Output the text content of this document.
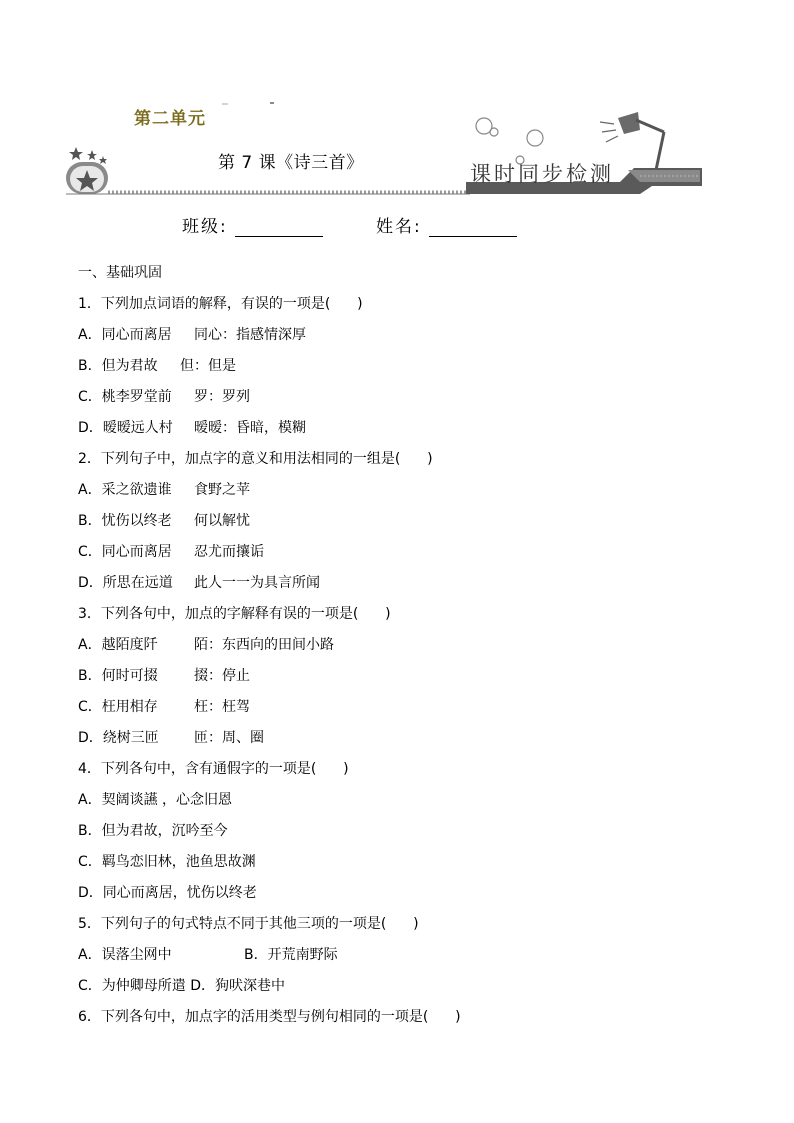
第二单元
第 7 课《诗三首》	课时同步检测
班级:	姓名:
一、基础巩固
1．下列加点词语的解释，有误的一项是(      )
A．同心而离居 同心：指感情深厚
B．但为君故 但：但是
C．桃李罗堂前 罗：罗列
D．暧暧远人村 暧暧：昏暗，模糊
2．下列句子中，加点字的意义和用法相同的一组是(      )
A．采之欲遗谁 食野之苹
B．忧伤以终老 何以解忧
C．同心而离居 忍尤而攘诟
D．所思在远道 此人一一为具言所闻
3．下列各句中，加点的字解释有误的一项是(      )
A．越陌度阡	陌：东西向的田间小路
B．何时可掇	掇：停止
C．枉用相存	枉：枉驾
D．绕树三匝	匝：周、圈
4．下列各句中，含有通假字的一项是(      )
A．契阔谈讌 ，心念旧恩
B．但为君故，沉吟至今
C．羁鸟恋旧林，池鱼思故渊
D．同心而离居，忧伤以终老
5．下列句子的句式特点不同于其他三项的一项是(      )
A．误落尘网中	B．开荒南野际
C．为仲卿母所遣 D．狗吠深巷中
6．下列各句中，加点字的活用类型与例句相同的一项是(      )
